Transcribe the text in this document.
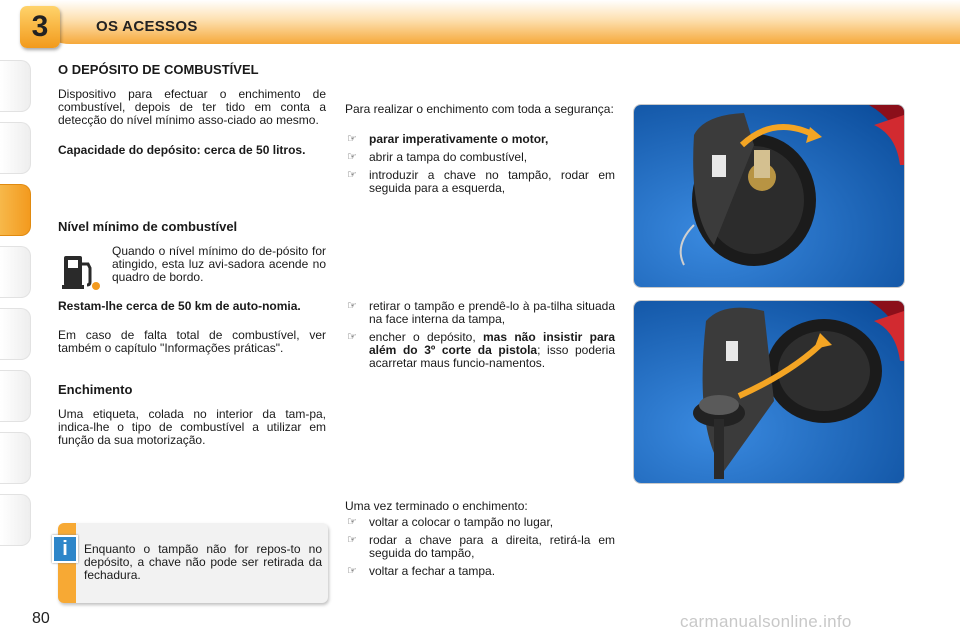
3	OS ACESSOS
O DEPÓSITO DE COMBUSTÍVEL
Dispositivo para efectuar o enchimento de combustível, depois de ter tido em conta a detecção do nível mínimo asso-ciado ao mesmo.
Capacidade do depósito: cerca de 50 litros.
Nível mínimo de combustível
Quando o nível mínimo do de-pósito for atingido, esta luz avi-sadora acende no quadro de bordo.
Restam-lhe cerca de 50 km de auto-nomia.
Em caso de falta total de combustível, ver também o capítulo "Informações práticas".
Enchimento
Uma etiqueta, colada no interior da tam-pa, indica-lhe o tipo de combustível a utilizar em função da sua motorização.
i	Enquanto o tampão não for repos-to no depósito, a chave não pode ser retirada da fechadura.
Para realizar o enchimento com toda a segurança:
☞ parar imperativamente o motor,
☞ abrir a tampa do combustível,
☞ introduzir a chave no tampão, rodar em seguida para a esquerda,
☞ retirar o tampão e prendê-lo à pa-tilha situada na face interna da tampa,
☞ encher o depósito, mas não insistir para além do 3º corte da pistola; isso poderia acarretar maus funcio-namentos.
Uma vez terminado o enchimento:
☞ voltar a colocar o tampão no lugar,
☞ rodar a chave para a direita, retirá-la em seguida do tampão,
☞ voltar a fechar a tampa.
80	carmanualsonline.info
